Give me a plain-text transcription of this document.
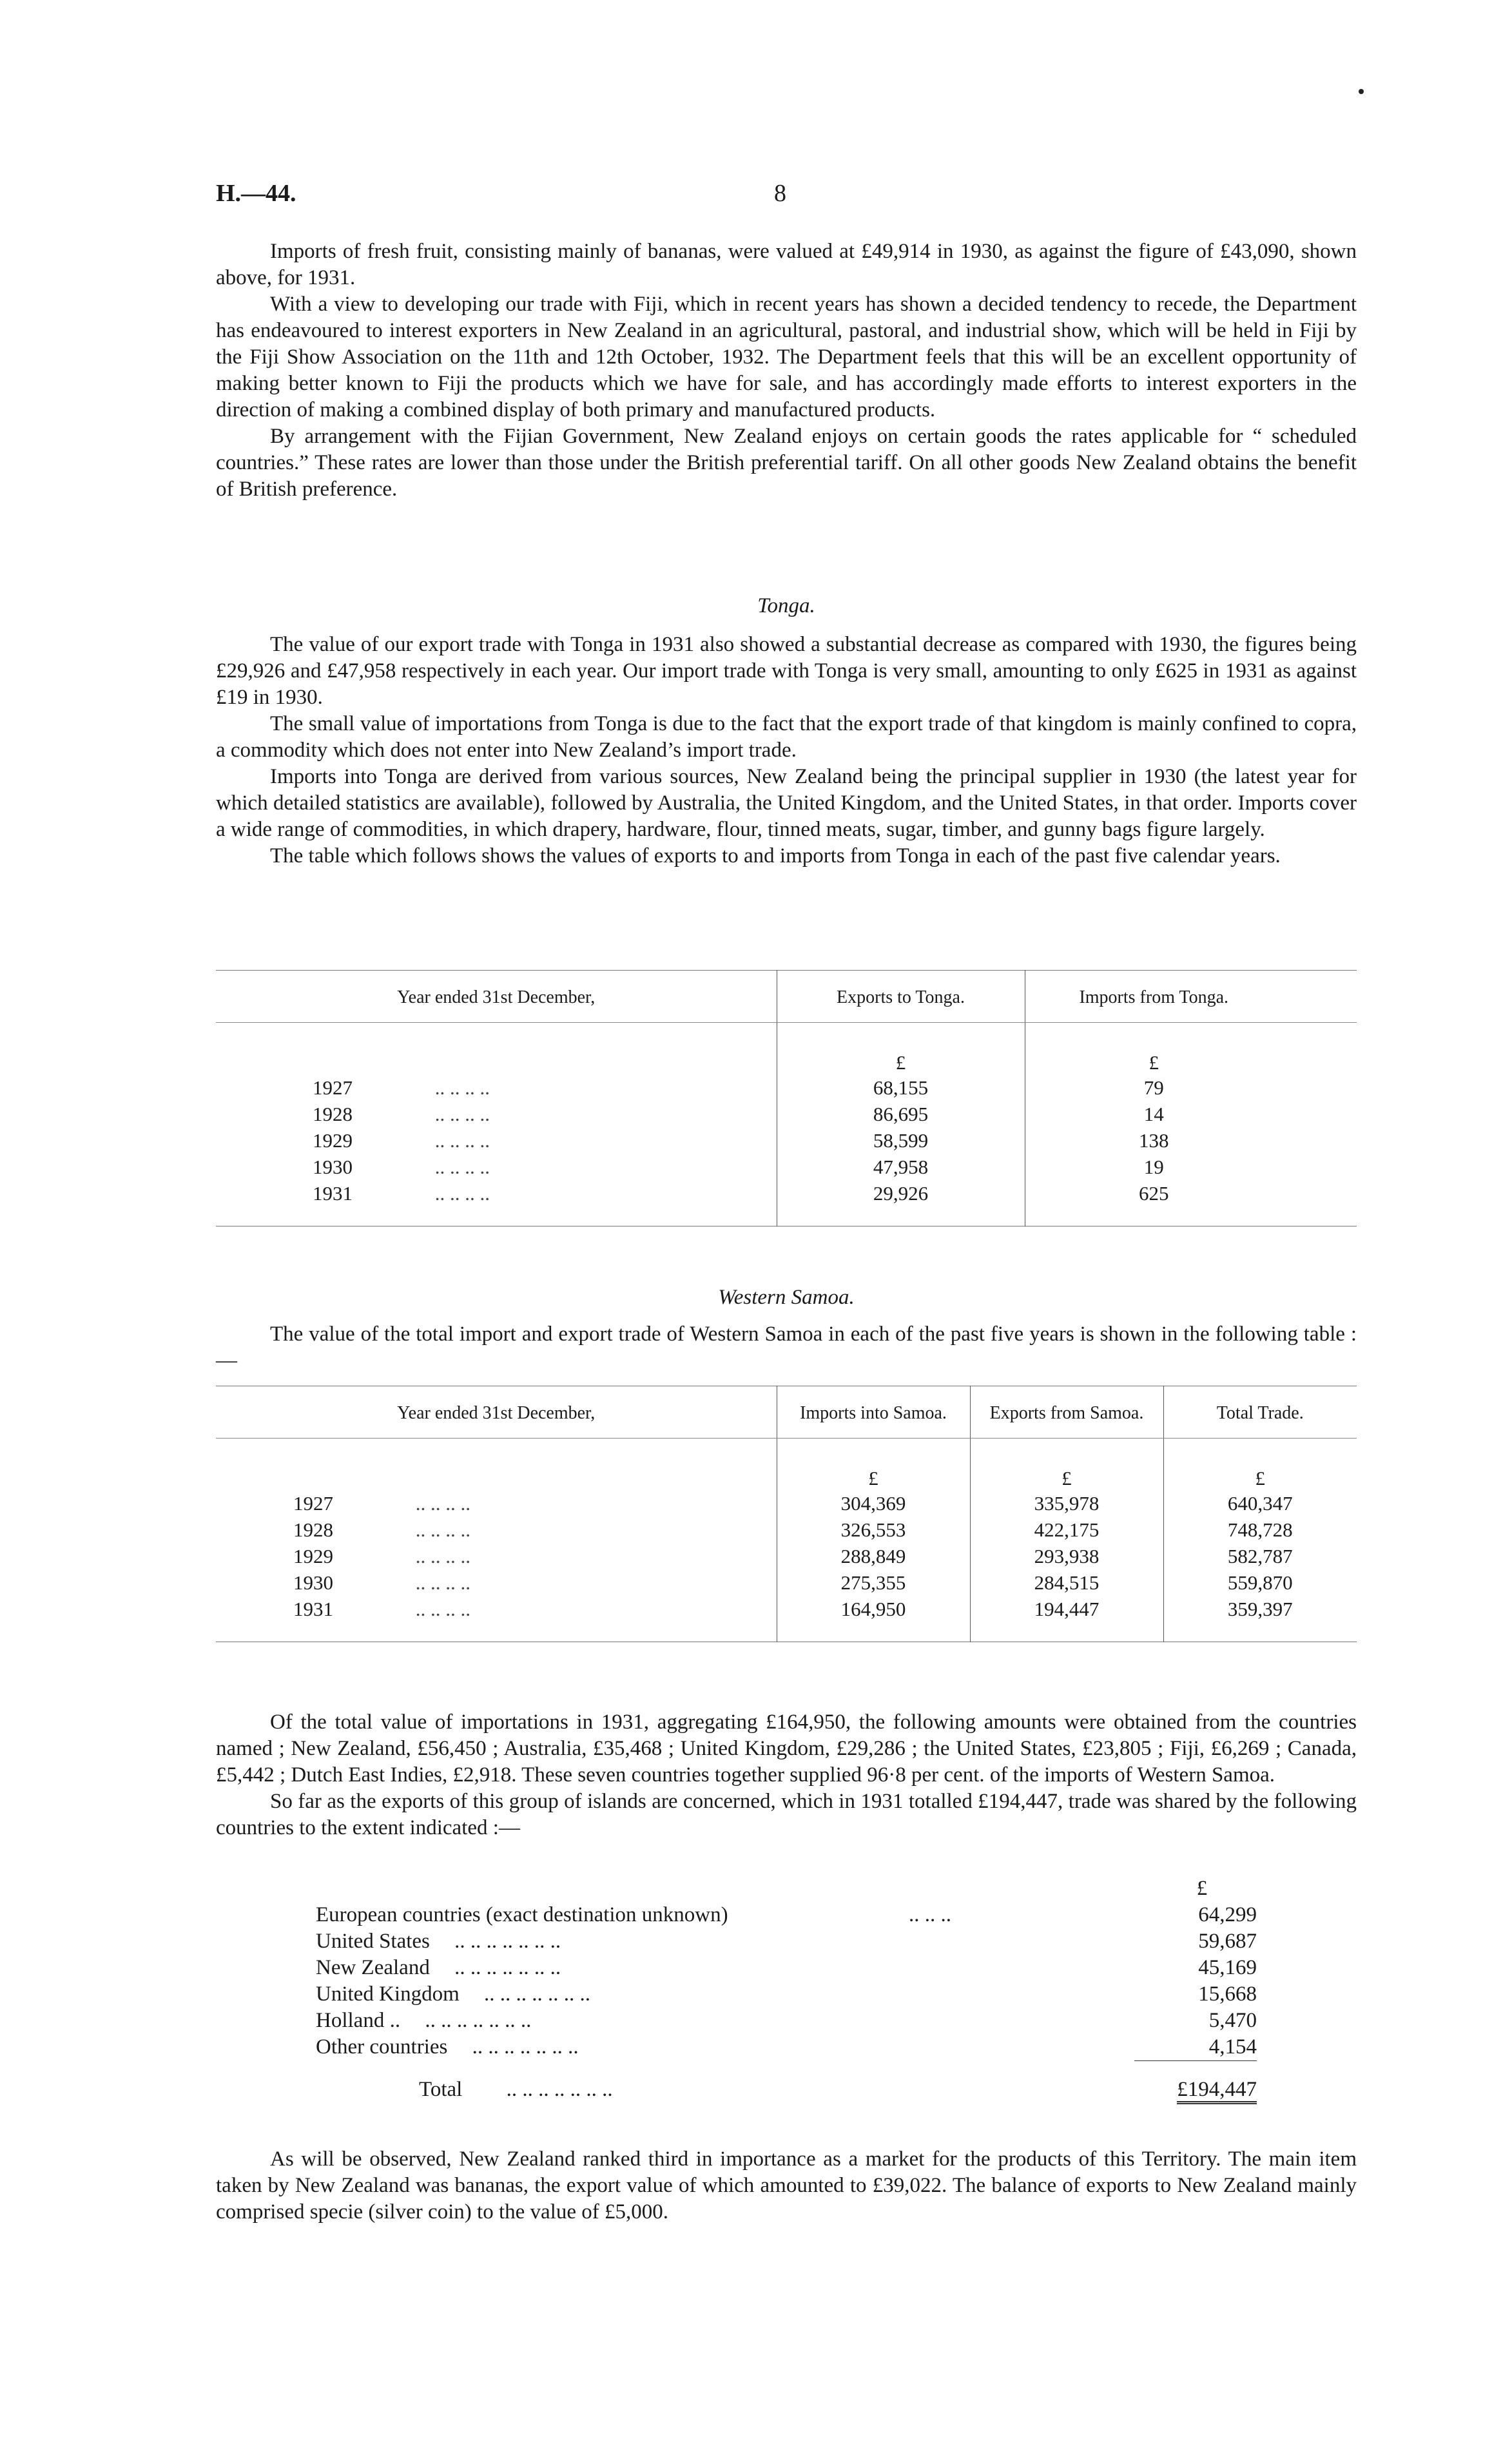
H.—44.	8

Imports of fresh fruit, consisting mainly of bananas, were valued at £49,914 in 1930, as against the figure of £43,090, shown above, for 1931.

With a view to developing our trade with Fiji, which in recent years has shown a decided tendency to recede, the Department has endeavoured to interest exporters in New Zealand in an agricultural, pastoral, and industrial show, which will be held in Fiji by the Fiji Show Association on the 11th and 12th October, 1932. The Department feels that this will be an excellent opportunity of making better known to Fiji the products which we have for sale, and has accordingly made efforts to interest exporters in the direction of making a combined display of both primary and manufactured products.

By arrangement with the Fijian Government, New Zealand enjoys on certain goods the rates applicable for “ scheduled countries.” These rates are lower than those under the British preferential tariff. On all other goods New Zealand obtains the benefit of British preference.

Tonga.

The value of our export trade with Tonga in 1931 also showed a substantial decrease as compared with 1930, the figures being £29,926 and £47,958 respectively in each year. Our import trade with Tonga is very small, amounting to only £625 in 1931 as against £19 in 1930.

The small value of importations from Tonga is due to the fact that the export trade of that kingdom is mainly confined to copra, a commodity which does not enter into New Zealand’s import trade.

Imports into Tonga are derived from various sources, New Zealand being the principal supplier in 1930 (the latest year for which detailed statistics are available), followed by Australia, the United Kingdom, and the United States, in that order. Imports cover a wide range of commodities, in which drapery, hardware, flour, tinned meats, sugar, timber, and gunny bags figure largely.

The table which follows shows the values of exports to and imports from Tonga in each of the past five calendar years.

Year ended 31st December,	Exports to Tonga.	Imports from Tonga.	
	£	£	
1927 .. .. .. ..	68,155	79	
1928 .. .. .. ..	86,695	14	
1929 .. .. .. ..	58,599	138	
1930 .. .. .. ..	47,958	19	
1931 .. .. .. ..	29,926	625	
Western Samoa.

The value of the total import and export trade of Western Samoa in each of the past five years is shown in the following table :—

Year ended 31st December,	Imports into Samoa.	Exports from Samoa.	Total Trade.
	£	£	£
1927 .. .. .. ..	304,369	335,978	640,347
1928 .. .. .. ..	326,553	422,175	748,728
1929 .. .. .. ..	288,849	293,938	582,787
1930 .. .. .. ..	275,355	284,515	559,870
1931 .. .. .. ..	164,950	194,447	359,397

Of the total value of importations in 1931, aggregating £164,950, the following amounts were obtained from the countries named ; New Zealand, £56,450 ; Australia, £35,468 ; United Kingdom, £29,286 ; the United States, £23,805 ; Fiji, £6,269 ; Canada, £5,442 ; Dutch East Indies, £2,918. These seven countries together supplied 96·8 per cent. of the imports of Western Samoa.

So far as the exports of this group of islands are concerned, which in 1931 totalled £194,447, trade was shared by the following countries to the extent indicated :—

		£
European countries (exact destination unknown)	.. .. ..	64,299
United States .. .. .. .. .. .. ..		59,687
New Zealand .. .. .. .. .. .. ..		45,169
United Kingdom .. .. .. .. .. .. ..		15,668
Holland .. .. .. .. .. .. .. ..		5,470
Other countries .. .. .. .. .. .. ..		4,154
Total .. .. .. .. .. .. ..		£194,447

As will be observed, New Zealand ranked third in importance as a market for the products of this Territory. The main item taken by New Zealand was bananas, the export value of which amounted to £39,022. The balance of exports to New Zealand mainly comprised specie (silver coin) to the value of £5,000.
